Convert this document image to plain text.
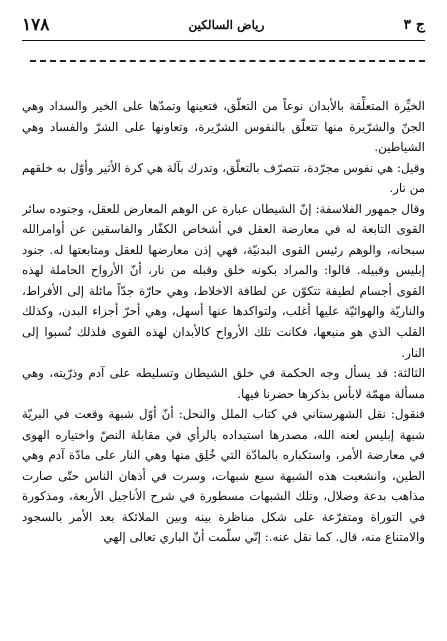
١٧٨	رياض السالكين	ج ٣

الخيِّرة المتعلِّقة بالأبدان نوعاً من التعلّق، فتعينها وتمدّها على الخير والسداد وهي الجنّ والشرّيرة منها تتعلّق بالنفوس الشرّيرة، وتعاونها على الشرّ والفساد وهي الشياطين.

وقيل: هي نفوس مجرّدة، تتصرّف بالتعلّق، وتدرك بآلة هي كرة الأثير وأوّل به خلقهم من نار.

وقال جمهور الفلاسفة: إنّ الشيطان عبارة عن الوهم المعارض للعقل، وجنوده سائر القوى التابعة له في معارضة العقل في أشخاص الكفّار والفاسقين عن أوامرالله سبحانه، والوهم رئيس القوى البدنيّة، فهي إذن معارضها للعقل ومتابعتها له. جنود إبليس وقبيله. قالوا: والمراد بكونه خلق وقبله من نار، أنّ الأرواح الحاملة لهذه القوى أجسام لطيفة تتكوّن عن لطافة الاخلاط، وهي حارّة جدّاً مائلة إلى الأفراط، والناريّة والهوائيّة عليها أغلب، ولتواكدها عنها أسهل، وهي أحرّ أجزاء البدن، وكذلك القلب الذي هو منبعها، فكانت تلك الأرواح كالأبدان لهذه القوى فلذلك نُسبوا إلى النار.

الثالثة: قد يسأل وجه الحكمة في خلق الشيطان وتسليطه على آدم وذرّيته، وهي مسألة مهمّة لابأس بذكرها حضرنا فيها.

فنقول: نقل الشهرستاني في كتاب الملل والنحل: أنّ أوّل شبهة وقعت في البريّة شبهة إبليس لعنه الله، مصدرها استبداده بالرأي في مقابلة النصّ واختياره الهوى في معارضة الأمر، واستكباره بالمادّة التي خُلِق منها وهي النار على مادّة آدم وهي الطين، وانشعبت هذه الشبهة سبع شبهات، وسرت في أذهان الناس حتّى صارت مذاهب بدعة وضلال، وتلك الشبهات مسطورة في شرح الأناجيل الأربعة، ومذكورة في التوراة ومتفرّعة على شكل مناظرة بينه وبين الملائكة بعد الأمر بالسجود والامتناع منه، قال. كما نقل عنه.: إنّي سلّمت أنّ الباري تعالى إلهي
